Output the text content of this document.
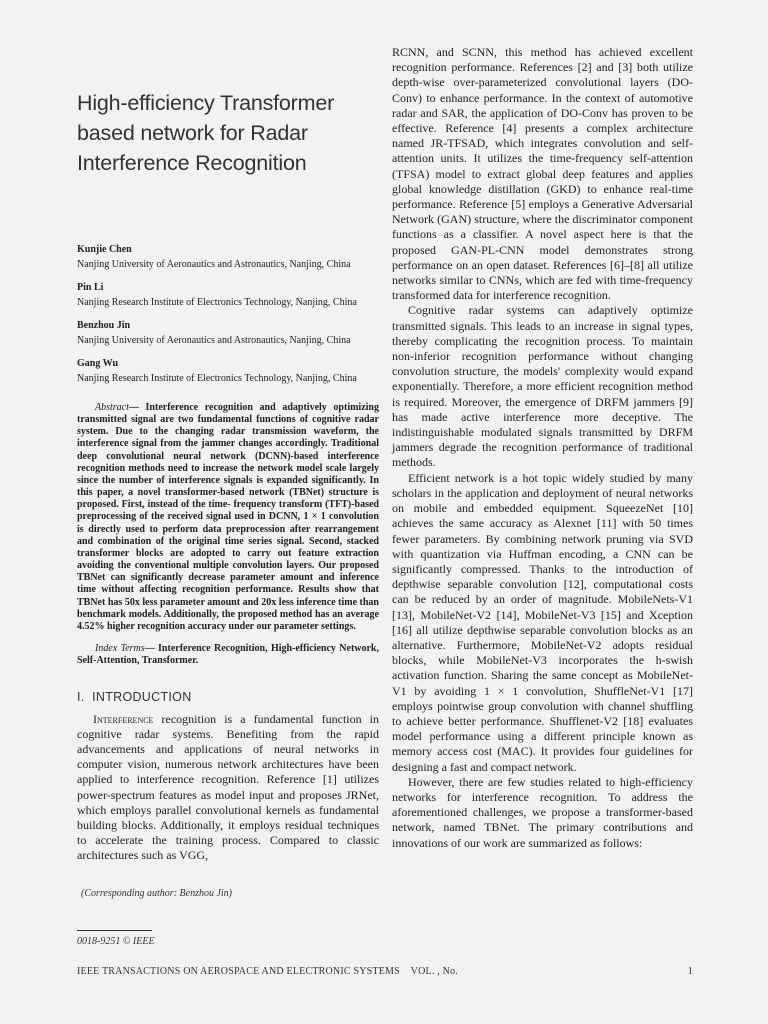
High-efficiency Transformer based network for Radar Interference Recognition
Kunjie Chen
Nanjing University of Aeronautics and Astronautics, Nanjing, China
Pin Li
Nanjing Research Institute of Electronics Technology, Nanjing, China
Benzhou Jin
Nanjing University of Aeronautics and Astronautics, Nanjing, China
Gang Wu
Nanjing Research Institute of Electronics Technology, Nanjing, China

Abstract— Interference recognition and adaptively optimizing transmitted signal are two fundamental functions of cognitive radar system. Due to the changing radar transmission waveform, the interference signal from the jammer changes accordingly. Traditional deep convolutional neural network (DCNN)-based interference recognition methods need to increase the network model scale largely since the number of interference signals is expanded significantly. In this paper, a novel transformer-based network (TBNet) structure is proposed. First, instead of the time- frequency transform (TFT)-based preprocessing of the received signal used in DCNN, 1 × 1 convolution is directly used to perform data preprocession after rearrangement and combination of the original time series signal. Second, stacked transformer blocks are adopted to carry out feature extraction avoiding the conventional multiple convolution layers. Our proposed TBNet can significantly decrease parameter amount and inference time without affecting recognition performance. Results show that TBNet has 50x less parameter amount and 20x less inference time than benchmark models. Additionally, the proposed method has an average 4.52% higher recognition accuracy under our parameter settings.

Index Terms— Interference Recognition, High-efficiency Network, Self-Attention, Transformer.

I. INTRODUCTION

Interference recognition is a fundamental function in cognitive radar systems. Benefiting from the rapid advancements and applications of neural networks in computer vision, numerous network architectures have been applied to interference recognition. Reference [1] utilizes power-spectrum features as model input and proposes JRNet, which employs parallel convolutional kernels as fundamental building blocks. Additionally, it employs residual techniques to accelerate the training process. Compared to classic architectures such as VGG,

RCNN, and SCNN, this method has achieved excellent recognition performance. References [2] and [3] both utilize depth-wise over-parameterized convolutional layers (DO-Conv) to enhance performance. In the context of automotive radar and SAR, the application of DO-Conv has proven to be effective. Reference [4] presents a complex architecture named JR-TFSAD, which integrates convolution and self-attention units. It utilizes the time-frequency self-attention (TFSA) model to extract global deep features and applies global knowledge distillation (GKD) to enhance real-time performance. Reference [5] employs a Generative Adversarial Network (GAN) structure, where the discriminator component functions as a classifier. A novel aspect here is that the proposed GAN-PL-CNN model demonstrates strong performance on an open dataset. References [6]–[8] all utilize networks similar to CNNs, which are fed with time-frequency transformed data for interference recognition.

Cognitive radar systems can adaptively optimize transmitted signals. This leads to an increase in signal types, thereby complicating the recognition process. To maintain non-inferior recognition performance without changing convolution structure, the models' complexity would expand exponentially. Therefore, a more efficient recognition method is required. Moreover, the emergence of DRFM jammers [9] has made active interference more deceptive. The indistinguishable modulated signals transmitted by DRFM jammers degrade the recognition performance of traditional methods.

Efficient network is a hot topic widely studied by many scholars in the application and deployment of neural networks on mobile and embedded equipment. SqueezeNet [10] achieves the same accuracy as Alexnet [11] with 50 times fewer parameters. By combining network pruning via SVD with quantization via Huffman encoding, a CNN can be significantly compressed. Thanks to the introduction of depthwise separable convolution [12], computational costs can be reduced by an order of magnitude. MobileNets-V1 [13], MobileNet-V2 [14], MobileNet-V3 [15] and Xception [16] all utilize depthwise separable convolution blocks as an alternative. Furthermore, MobileNet-V2 adopts residual blocks, while MobileNet-V3 incorporates the h-swish activation function. Sharing the same concept as MobileNet-V1 by avoiding 1 × 1 convolution, ShuffleNet-V1 [17] employs pointwise group convolution with channel shuffling to achieve better performance. Shufflenet-V2 [18] evaluates model performance using a different principle known as memory access cost (MAC). It provides four guidelines for designing a fast and compact network.

However, there are few studies related to high-efficiency networks for interference recognition. To address the aforementioned challenges, we propose a transformer-based network, named TBNet. The primary contributions and innovations of our work are summarized as follows:

(Corresponding author: Benzhou Jin)
0018-9251 © IEEE
IEEE TRANSACTIONS ON AEROSPACE AND ELECTRONIC SYSTEMS VOL. , No.	1
